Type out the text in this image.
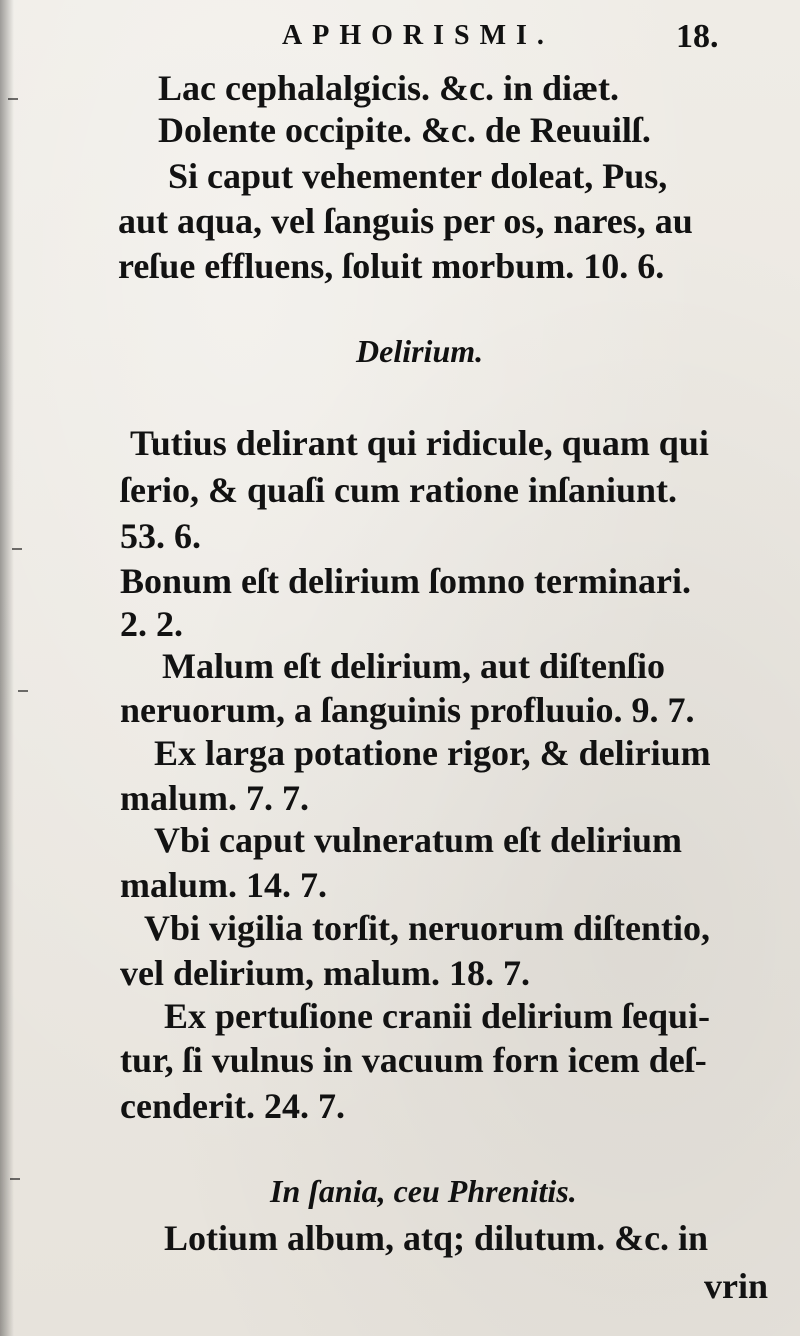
APHORISMI.	18.
Lac cephalalgicis. &c. in diæt.
Dolente occipite. &c. de Reuuilſ.
Si caput vehementer doleat, Pus,
aut aqua, vel ſanguis per os, nares, au
reſue effluens, ſoluit morbum. 10. 6.
Delirium.
Tutius delirant qui ridicule, quam qui
ſerio, & quaſi cum ratione inſaniunt.
53. 6.
Bonum eſt delirium ſomno terminari.
2. 2.
Malum eſt delirium, aut diſtenſio
neruorum, a ſanguinis profluuio. 9. 7.
Ex larga potatione rigor, & delirium
malum. 7. 7.
Vbi caput vulneratum eſt delirium
malum. 14. 7.
Vbi vigilia torſit, neruorum diſtentio,
vel delirium, malum. 18. 7.
Ex pertuſione cranii delirium ſequi-
tur, ſi vulnus in vacuum forn icem deſ-
cenderit. 24. 7.
In ſania, ceu Phrenitis.
Lotium album, atq; dilutum. &c. in
vrin
